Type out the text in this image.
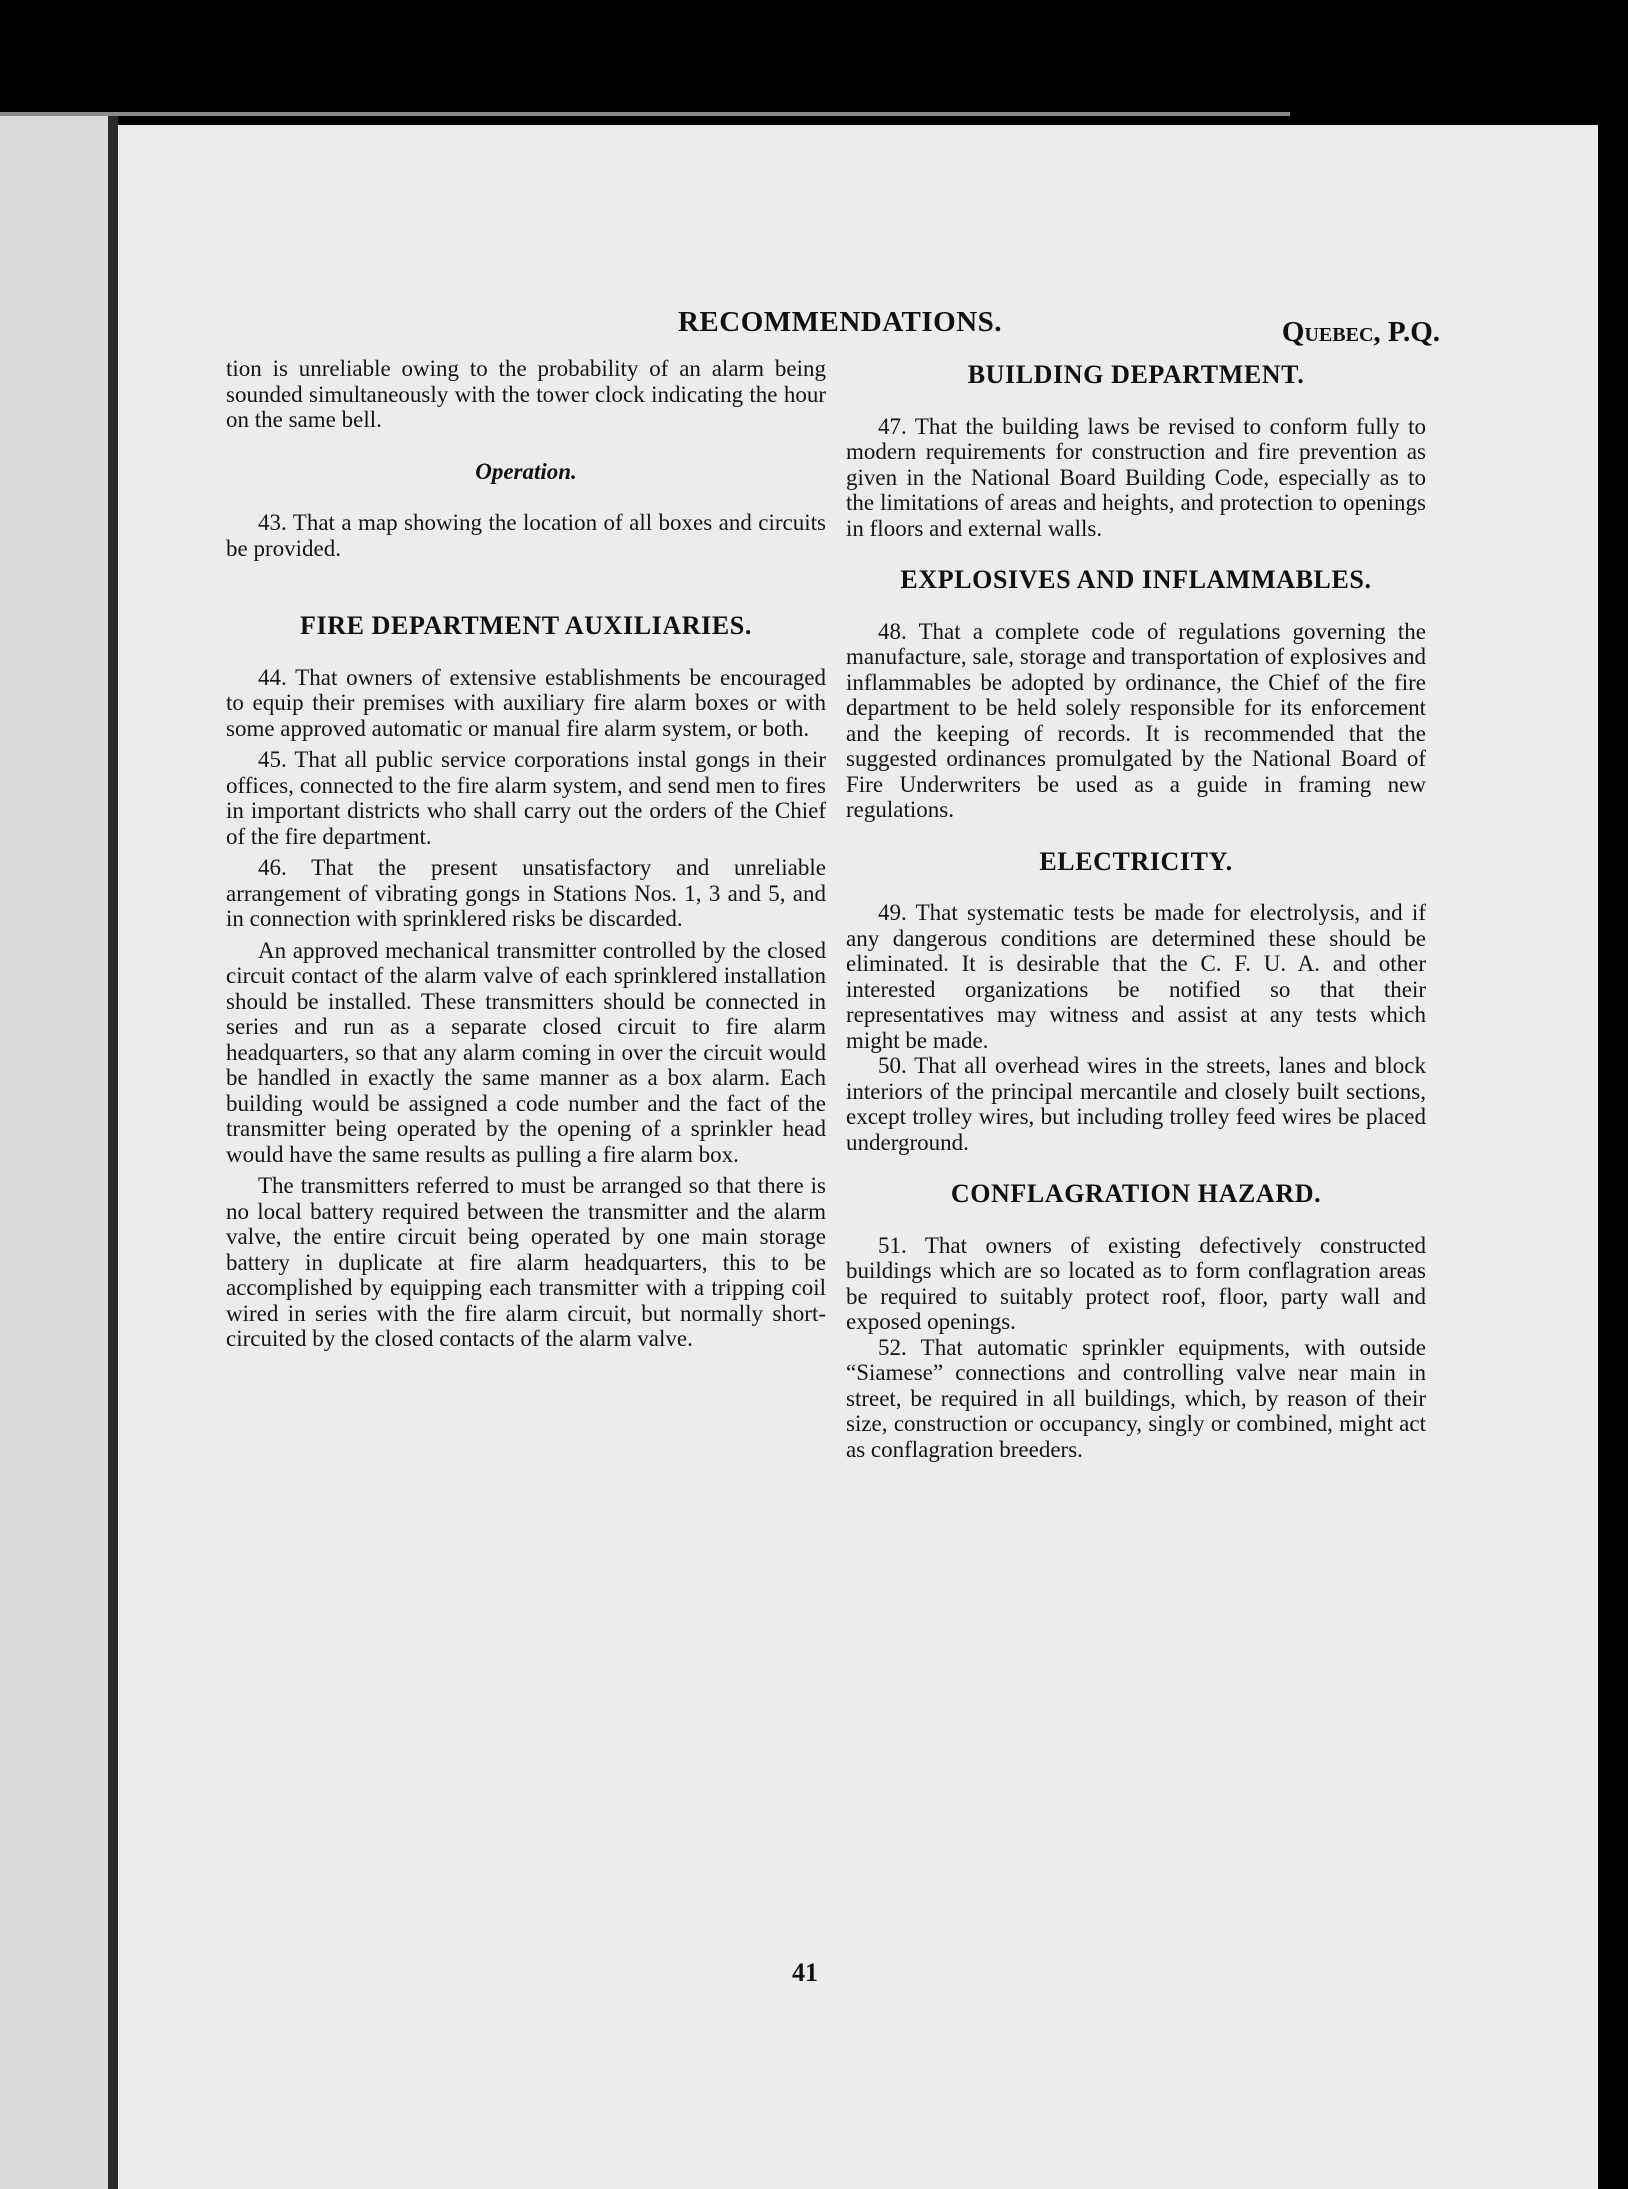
RECOMMENDATIONS.	Quebec, P.Q.

tion is unreliable owing to the probability of an alarm being sounded simultaneously with the tower clock indicating the hour on the same bell.

Operation.

43. That a map showing the location of all boxes and circuits be provided.

FIRE DEPARTMENT AUXILIARIES.

44. That owners of extensive establishments be encouraged to equip their premises with auxiliary fire alarm boxes or with some approved automatic or manual fire alarm system, or both.

45. That all public service corporations instal gongs in their offices, connected to the fire alarm system, and send men to fires in important districts who shall carry out the orders of the Chief of the fire department.

46. That the present unsatisfactory and unreliable arrangement of vibrating gongs in Stations Nos. 1, 3 and 5, and in connection with sprinklered risks be discarded.

An approved mechanical transmitter controlled by the closed circuit contact of the alarm valve of each sprinklered installation should be installed. These transmitters should be connected in series and run as a separate closed circuit to fire alarm headquarters, so that any alarm coming in over the circuit would be handled in exactly the same manner as a box alarm. Each building would be assigned a code number and the fact of the transmitter being operated by the opening of a sprinkler head would have the same results as pulling a fire alarm box.

The transmitters referred to must be arranged so that there is no local battery required between the transmitter and the alarm valve, the entire circuit being operated by one main storage battery in duplicate at fire alarm headquarters, this to be accomplished by equipping each transmitter with a tripping coil wired in series with the fire alarm circuit, but normally short-circuited by the closed contacts of the alarm valve.

BUILDING DEPARTMENT.

47. That the building laws be revised to conform fully to modern requirements for construction and fire prevention as given in the National Board Building Code, especially as to the limitations of areas and heights, and protection to openings in floors and external walls.

EXPLOSIVES AND INFLAMMABLES.

48. That a complete code of regulations governing the manufacture, sale, storage and transportation of explosives and inflammables be adopted by ordinance, the Chief of the fire department to be held solely responsible for its enforcement and the keeping of records. It is recommended that the suggested ordinances promulgated by the National Board of Fire Underwriters be used as a guide in framing new regulations.

ELECTRICITY.

49. That systematic tests be made for electrolysis, and if any dangerous conditions are determined these should be eliminated. It is desirable that the C. F. U. A. and other interested organizations be notified so that their representatives may witness and assist at any tests which might be made.

50. That all overhead wires in the streets, lanes and block interiors of the principal mercantile and closely built sections, except trolley wires, but including trolley feed wires be placed underground.

CONFLAGRATION HAZARD.

51. That owners of existing defectively constructed buildings which are so located as to form conflagration areas be required to suitably protect roof, floor, party wall and exposed openings.

52. That automatic sprinkler equipments, with outside “Siamese” connections and controlling valve near main in street, be required in all buildings, which, by reason of their size, construction or occupancy, singly or combined, might act as conflagration breeders.

41
